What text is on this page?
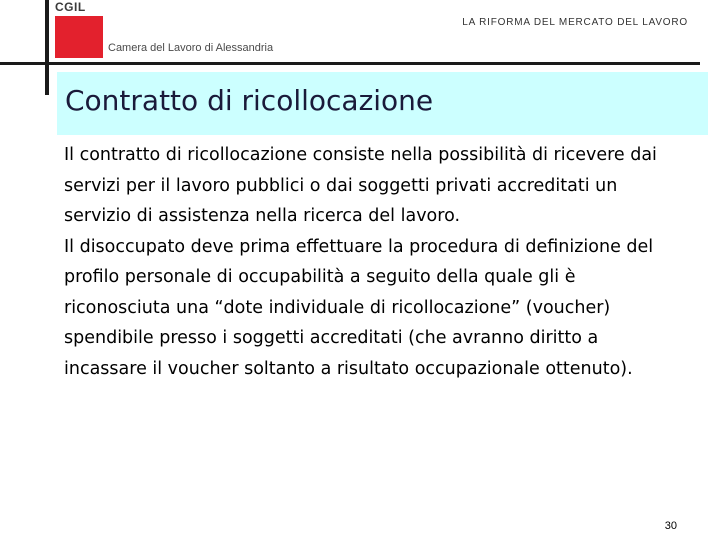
CGIL
LA RIFORMA DEL MERCATO DEL LAVORO
Camera del Lavoro di Alessandria
Contratto di ricollocazione

Il contratto di ricollocazione consiste nella possibilità di ricevere dai servizi per il lavoro pubblici o dai soggetti privati accreditati un servizio di assistenza nella ricerca del lavoro.

Il disoccupato deve prima effettuare la procedura di definizione del profilo personale di occupabilità a seguito della quale gli è riconosciuta una “dote individuale di ricollocazione” (voucher) spendibile presso i soggetti accreditati (che avranno diritto a incassare il voucher soltanto a risultato occupazionale ottenuto).

30
